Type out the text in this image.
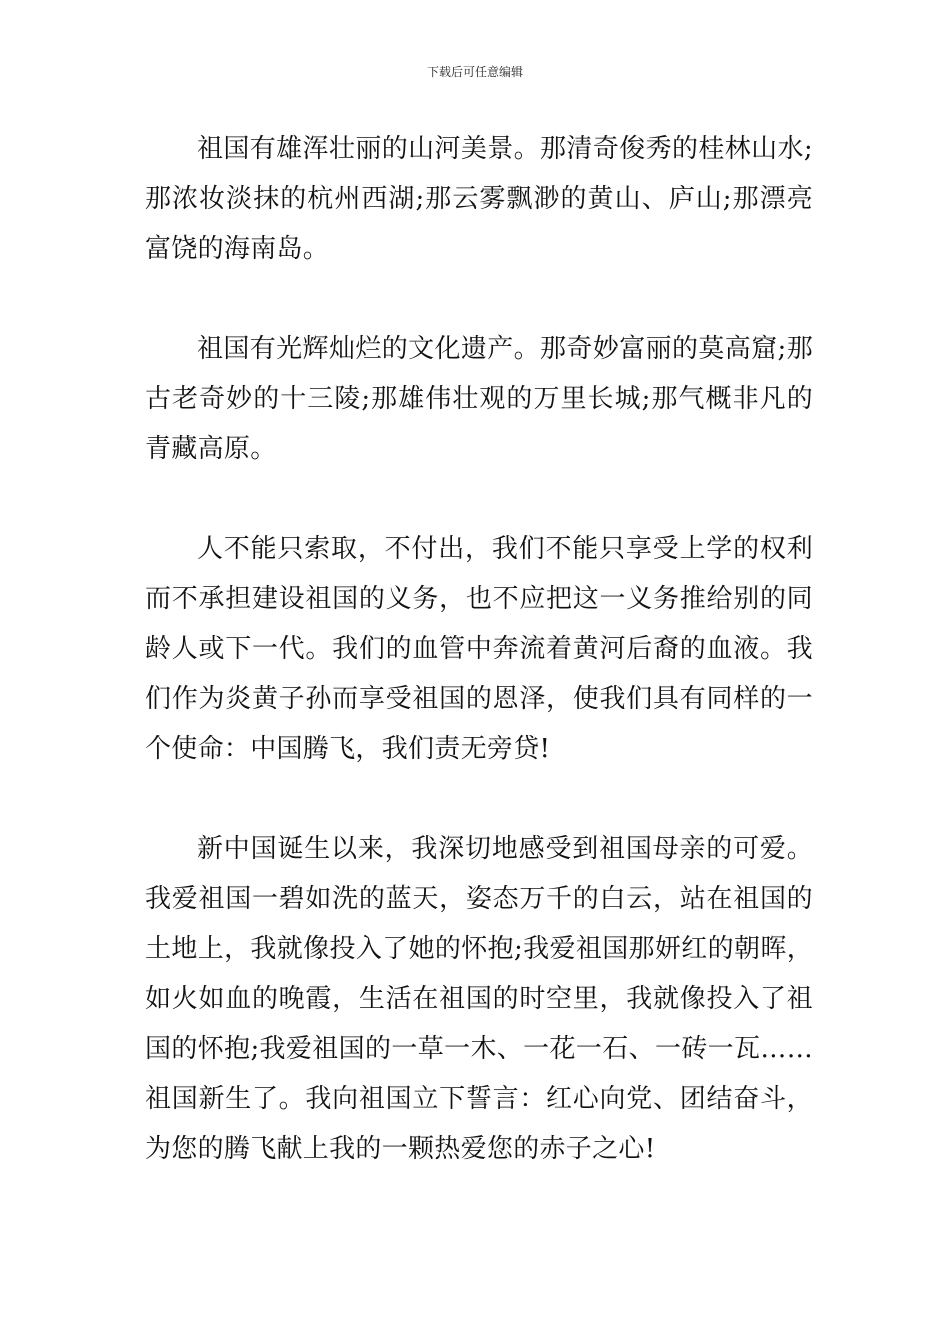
下载后可任意编辑

祖国有雄浑壮丽的山河美景。那清奇俊秀的桂林山水;那浓妆淡抹的杭州西湖;那云雾飘渺的黄山、庐山;那漂亮富饶的海南岛。

祖国有光辉灿烂的文化遗产。那奇妙富丽的莫高窟;那古老奇妙的十三陵;那雄伟壮观的万里长城;那气概非凡的青藏高原。

人不能只索取，不付出，我们不能只享受上学的权利而不承担建设祖国的义务，也不应把这一义务推给别的同龄人或下一代。我们的血管中奔流着黄河后裔的血液。我们作为炎黄子孙而享受祖国的恩泽，使我们具有同样的一个使命：中国腾飞，我们责无旁贷!

新中国诞生以来，我深切地感受到祖国母亲的可爱。我爱祖国一碧如洗的蓝天，姿态万千的白云，站在祖国的土地上，我就像投入了她的怀抱;我爱祖国那妍红的朝晖，如火如血的晚霞，生活在祖国的时空里，我就像投入了祖国的怀抱;我爱祖国的一草一木、一花一石、一砖一瓦……祖国新生了。我向祖国立下誓言：红心向党、团结奋斗，为您的腾飞献上我的一颗热爱您的赤子之心!
